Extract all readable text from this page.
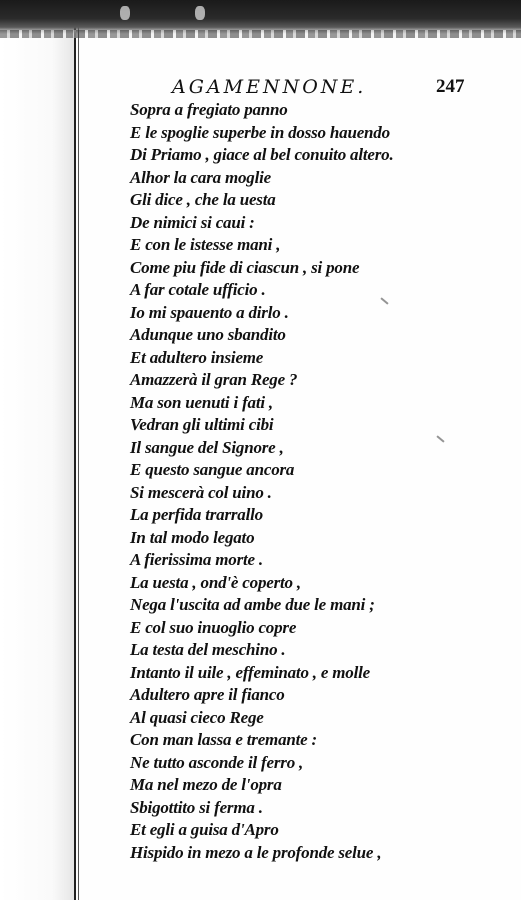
AGAMENNONE.	247
Sopra a fregiato panno
E le spoglie superbe in dosso hauendo
Di Priamo , giace al bel conuito altero.
Alhor la cara moglie
Gli dice , che la uesta
De nimici si caui :
E con le istesse mani ,
Come piu fide di ciascun , si pone
A far cotale ufficio .
Io mi spauento a dirlo .
Adunque uno sbandito
Et adultero insieme
Amazzerà il gran Rege ?
Ma son uenuti i fati ,
Vedran gli ultimi cibi
Il sangue del Signore ,
E questo sangue ancora
Si mescerà col uino .
La perfida trarrallo
In tal modo legato
A fierissima morte .
La uesta , ond'è coperto ,
Nega l'uscita ad ambe due le mani ;
E col suo inuoglio copre
La testa del meschino .
Intanto il uile , effeminato , e molle
Adultero apre il fianco
Al quasi cieco Rege
Con man lassa e tremante :
Ne tutto asconde il ferro ,
Ma nel mezo de l'opra
Sbigottito si ferma .
Et egli a guisa d'Apro
Hispido in mezo a le profonde selue ,
